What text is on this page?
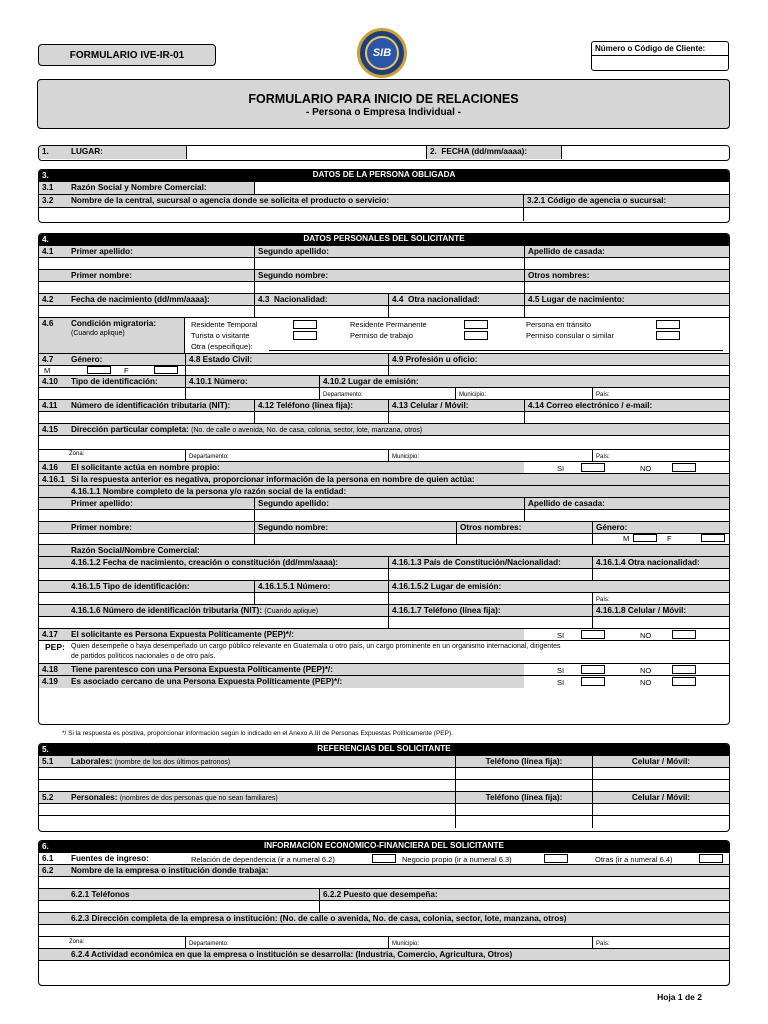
FORMULARIO IVE-IR-01	SIB	Número o Código de Cliente:
FORMULARIO PARA INICIO DE RELACIONES
- Persona o Empresa Individual -
1.	LUGAR:	2. FECHA (dd/mm/aaaa):
3.	DATOS DE LA PERSONA OBLIGADA
3.1 Razón Social y Nombre Comercial:
3.2 Nombre de la central, sucursal o agencia donde se solicita el producto o servicio:	3.2.1 Código de agencia o sucursal:
4.	DATOS PERSONALES DEL SOLICITANTE
4.1 Primer apellido:	Segundo apellido:	Apellido de casada:
Primer nombre:	Segundo nombre:	Otros nombres:
4.2 Fecha de nacimiento (dd/mm/aaaa):	4.3 Nacionalidad:	4.4 Otra nacionalidad:	4.5 Lugar de nacimiento:
4.6 Condición migratoria:
(Cuando aplique)
Residente Temporal	Residente Permanente	Persona en tránsito
Turista o visitante	Permiso de trabajo	Permiso consular o similar
Otra (especifique):
4.7 Género:	4.8 Estado Civil:	4.9 Profesión u oficio:
M	F
4.10 Tipo de identificación:	4.10.1 Número:	4.10.2 Lugar de emisión:
Departamento:	Municipio:	País:
4.11 Número de identificación tributaria (NIT):	4.12 Teléfono (línea fija):	4.13 Celular / Móvil:	4.14 Correo electrónico / e-mail:
4.15 Dirección particular completa: (No. de calle o avenida, No. de casa, colonia, sector, lote, manzana, otros)
Zona:	Departamento:	Municipio:	País:
4.16 El solicitante actúa en nombre propio:	SI	NO
4.16.1 Si la respuesta anterior es negativa, proporcionar información de la persona en nombre de quien actúa:
4.16.1.1 Nombre completo de la persona y/o razón social de la entidad:
Primer apellido:	Segundo apellido:	Apellido de casada:
Primer nombre:	Segundo nombre:	Otros nombres:	Género:
M	F
Razón Social/Nombre Comercial:
4.16.1.2 Fecha de nacimiento, creación o constitución (dd/mm/aaaa):	4.16.1.3 País de Constitución/Nacionalidad:	4.16.1.4 Otra nacionalidad:
4.16.1.5 Tipo de identificación:	4.16.1.5.1 Número:	4.16.1.5.2 Lugar de emisión:
País:
4.16.1.6 Número de identificación tributaria (NIT): (Cuando aplique)	4.16.1.7 Teléfono (línea fija):	4.16.1.8 Celular / Móvil:
4.17 El solicitante es Persona Expuesta Políticamente (PEP)*/:	SI	NO
PEP: Quien desempeñe o haya desempeñado un cargo público relevante en Guatemala u otro país, un cargo prominente en un organismo internacional, dirigentes
de partidos políticos nacionales o de otro país.
4.18 Tiene parentesco con una Persona Expuesta Políticamente (PEP)*/:	SI	NO
4.19 Es asociado cercano de una Persona Expuesta Políticamente (PEP)*/:	SI	NO
*/ Si la respuesta es positiva, proporcionar información según lo indicado en el Anexo A.III de Personas Expuestas Políticamente (PEP).
5.	REFERENCIAS DEL SOLICITANTE
5.1 Laborales: (nombre de los dos últimos patronos)	Teléfono (línea fija):	Celular / Móvil:
5.2 Personales: (nombres de dos personas que no sean familiares)	Teléfono (línea fija):	Celular / Móvil:
6.	INFORMACIÓN ECONÓMICO-FINANCIERA DEL SOLICITANTE
6.1 Fuentes de ingreso:	Relación de dependencia (ir a numeral 6.2)	Negocio propio (ir a numeral 6.3)	Otras (ir a numeral 6.4)
6.2 Nombre de la empresa o institución donde trabaja:
6.2.1 Teléfonos	6.2.2 Puesto que desempeña:
6.2.3 Dirección completa de la empresa o institución: (No. de calle o avenida, No. de casa, colonia, sector, lote, manzana, otros)
Zona:	Departamento:	Municipio:	País:
6.2.4 Actividad económica en que la empresa o institución se desarrolla: (Industria, Comercio, Agricultura, Otros)
Hoja 1 de 2
